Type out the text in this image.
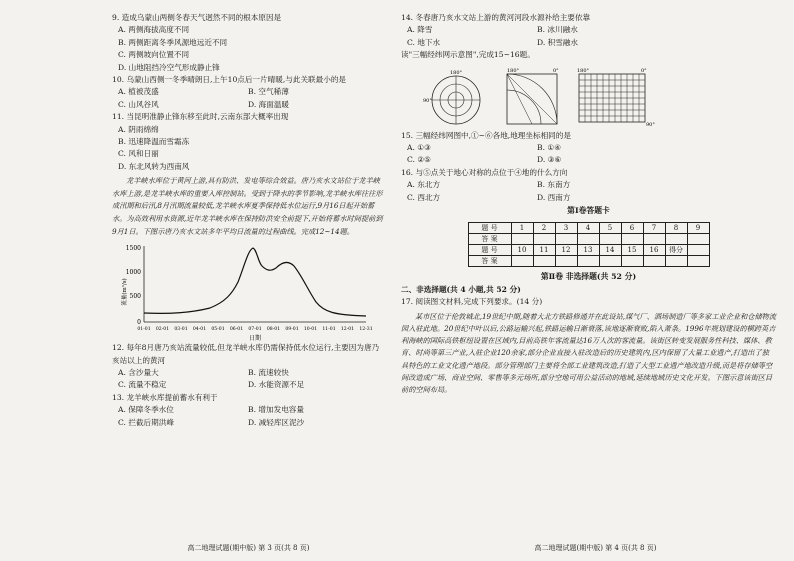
9. 造成乌蒙山两侧冬春天气迥然不同的根本原因是

A. 两侧海拔高度不同

B. 两侧距离冬季风源地远近不同

C. 两侧坡向位置不同

D. 山地阻挡冷空气形成静止锋

10. 乌蒙山西侧一冬季晴朗日,上午10点后一片晴暖,与此关联最小的是

A. 植被茂盛	B. 空气稀薄
C. 山风谷风	D. 海面温暖

11. 当昆明准静止锋东移至此时,云南东部大概率出现

A. 阴雨绵绵

B. 迅速降温而雪霜冻

C. 风和日丽

D. 东北风转为西南风

龙羊峡水库位于黄河上游,具有防洪、发电等综合效益。唐乃亥水文站位于龙羊峡水库上游,是龙羊峡水库的重要入库控制站。受到于降水的季节影响,龙羊峡水库往往形成汛期和后汛,8月汛期流量较低,龙羊峡水库夏季保持低水位运行,9月16日起开始蓄水。为高效利用水资源,近年龙羊峡水库在保持防洪安全前提下,开始将蓄水时间提前到9月1日。下图示唐乃亥水文站多年平均日流量的过程曲线。完成12~14题。

1500
1000
500
0
流量(m³/s)
01-01 02-01 03-01 04-01 05-01 06-01 07-01 08-01 09-01 10-01 11-01 12-01 12-31
日期

12. 每年8月唐乃亥站流量较低,但龙羊峡水库仍需保持低水位运行,主要因为唐乃亥站以上的黄河

A. 含沙量大	B. 流速较快
C. 流量不稳定	D. 水能资源不足

13. 龙羊峡水库提前蓄水有利于

A. 保障冬季水位	B. 增加发电容量
C. 拦截后期洪峰	D. 减轻库区泥沙
高二地理试题(期中版) 第 3 页(共 8 页)

14. 冬春唐乃亥水文站上游的黄河河段水源补给主要依靠

A. 降雪	B. 冰川融水
C. 地下水	D. 积雪融水

读"三幅经纬网示意图",完成15~16题。

180°
90°
180°	0°	180°	0°
90°

15. 三幅经纬网图中,①~⑥各地,地理坐标相同的是

A. ①③	B. ①④
C. ②⑤	D. ③⑥

16. 与⑤点关于地心对称的点位于④地的什么方向

A. 东北方	B. 东南方
C. 西北方	D. 西南方
第Ⅰ卷答题卡
题 号	1	2	3	4	5	6	7	8	9
答 案									
题 号	10	11	12	13	14	15	16	得分	
答 案									
第Ⅱ卷 非选择题(共 52 分)

二、非选择题(共 4 小题,共 52 分)

17. 阅读图文材料,完成下列要求。(14 分)

某市区位于伦敦城北,19世纪中期,随着大北方铁路修通并在此设站,煤气厂、酒场制造厂等多家工业企业和仓储物流园入驻此地。20世纪中叶以后,公路运输兴起,铁路运输日渐衰落,该地逐渐衰败,陷入萧条。1996年规划建设的横跨英吉利海峡的国际高铁枢纽设置在区域内,目前高铁年客流量达16万人次的客流量。该街区转变发展服务性科技、媒体、教育、时尚等第三产业,入驻企业120余家,部分企业直接入驻改造后的历史建筑内,区内保留了大量工业遗产,打造出了独具特色的工业文化遗产地段。部分管理部门主要将全部工业建筑改造,打造了大型工业遗产地改造升级,而是将存储等空间改造成广场、商业空间、零售等多元场所,部分空地可用公益活动的地域,延续地域历史文化开发。下图示意该街区目前的空间布局。

高二地理试题(期中版) 第 4 页(共 8 页)
